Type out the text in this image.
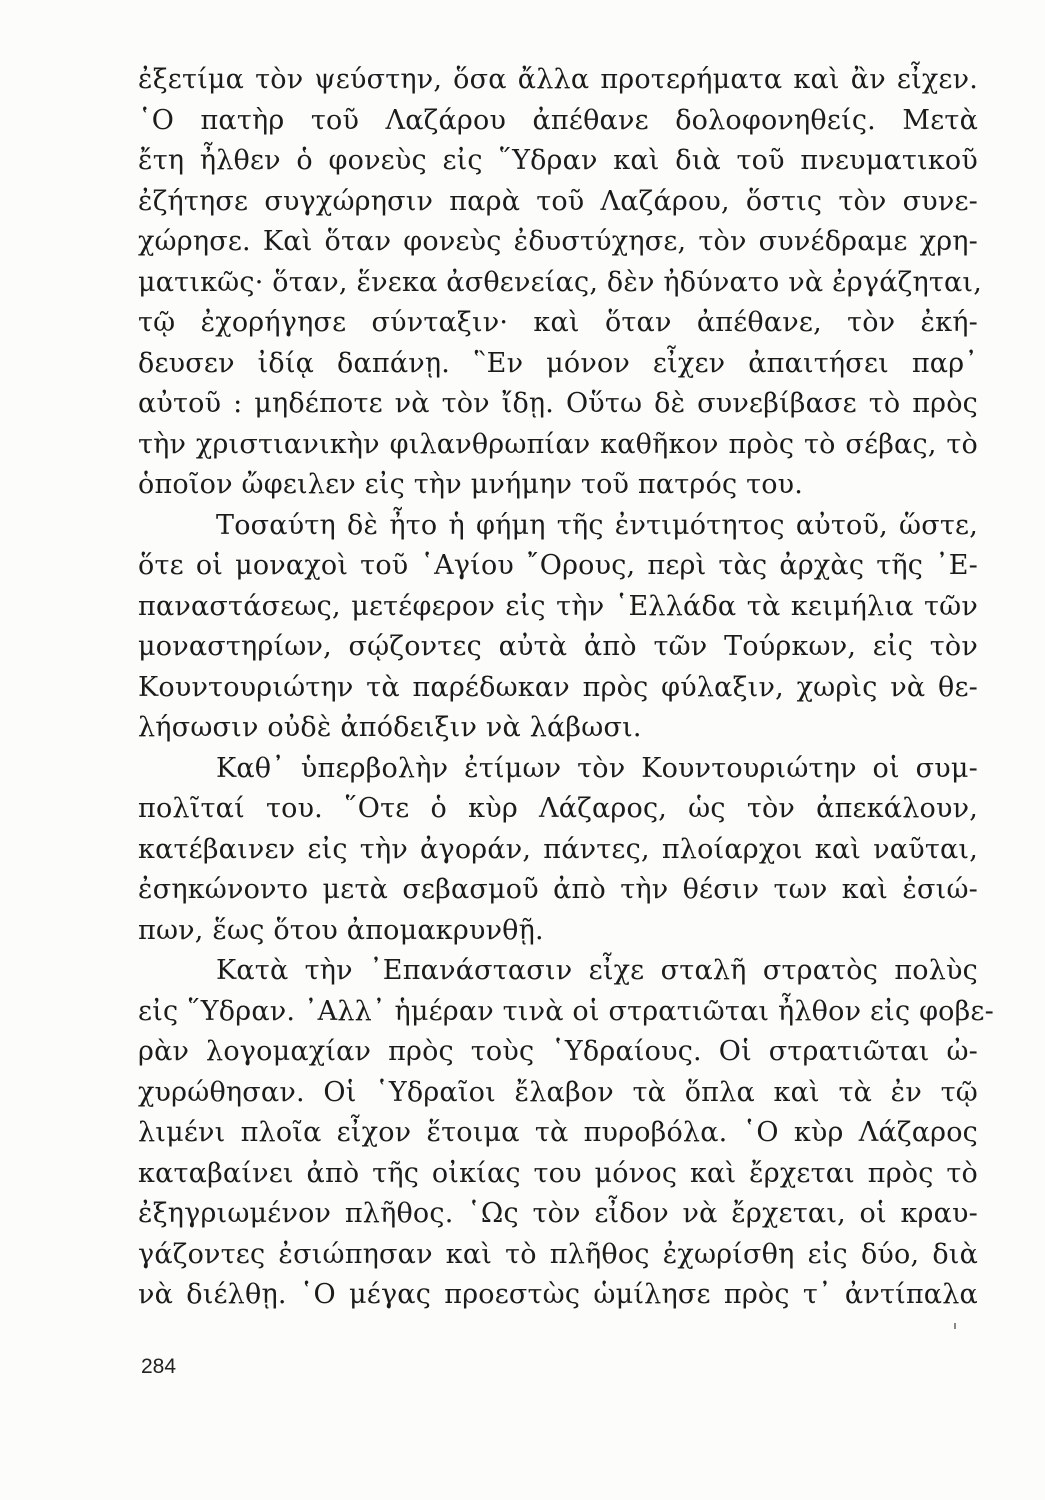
ἐξετίμα τὸν ψεύστην, ὅσα ἄλλα προτερήματα καὶ ἂν εἶχεν.
῾Ο πατὴρ τοῦ Λαζάρου ἀπέθανε δολοφονηθείς. Μετὰ
ἔτη ἦλθεν ὁ φονεὺς εἰς ῞Υδραν καὶ διὰ τοῦ πνευματικοῦ
ἐζήτησε συγχώρησιν παρὰ τοῦ Λαζάρου, ὅστις τὸν συνε-
χώρησε. Καὶ ὅταν φονεὺς ἐδυστύχησε, τὸν συνέδραμε χρη-
ματικῶς· ὅταν, ἕνεκα ἀσθενείας, δὲν ἠδύνατο νὰ ἐργάζηται,
τῷ ἐχορήγησε σύνταξιν· καὶ ὅταν ἀπέθανε, τὸν ἐκή-
δευσεν ἰδίᾳ δαπάνῃ. ῝Εν μόνον εἶχεν ἀπαιτήσει παρ᾽
αὐτοῦ : μηδέποτε νὰ τὸν ἴδῃ. Οὕτω δὲ συνεβίβασε τὸ πρὸς
τὴν χριστιανικὴν φιλανθρωπίαν καθῆκον πρὸς τὸ σέβας, τὸ
ὁποῖον ὤφειλεν εἰς τὴν μνήμην τοῦ πατρός του.
Τοσαύτη δὲ ἦτο ἡ φήμη τῆς ἐντιμότητος αὐτοῦ, ὥστε,
ὅτε οἱ μοναχοὶ τοῦ ῾Αγίου ῎Ορους, περὶ τὰς ἀρχὰς τῆς ᾿Ε-
παναστάσεως, μετέφερον εἰς τὴν ῾Ελλάδα τὰ κειμήλια τῶν
μοναστηρίων, σῴζοντες αὐτὰ ἀπὸ τῶν Τούρκων, εἰς τὸν
Κουντουριώτην τὰ παρέδωκαν πρὸς φύλαξιν, χωρὶς νὰ θε-
λήσωσιν οὐδὲ ἀπόδειξιν νὰ λάβωσι.
Καθ᾽ ὑπερβολὴν ἐτίμων τὸν Κουντουριώτην οἱ συμ-
πολῖταί του. ῞Οτε ὁ κὺρ Λάζαρος, ὡς τὸν ἀπεκάλουν,
κατέβαινεν εἰς τὴν ἀγοράν, πάντες, πλοίαρχοι καὶ ναῦται,
ἐσηκώνοντο μετὰ σεβασμοῦ ἀπὸ τὴν θέσιν των καὶ ἐσιώ-
πων, ἕως ὅτου ἀπομακρυνθῇ.
Κατὰ τὴν ᾿Επανάστασιν εἶχε σταλῆ στρατὸς πολὺς
εἰς ῞Υδραν. ᾿Αλλ᾽ ἡμέραν τινὰ οἱ στρατιῶται ἦλθον εἰς φοβε-
ρὰν λογομαχίαν πρὸς τοὺς ῾Υδραίους. Οἱ στρατιῶται ὠ-
χυρώθησαν. Οἱ ῾Υδραῖοι ἔλαβον τὰ ὅπλα καὶ τὰ ἐν τῷ
λιμένι πλοῖα εἶχον ἕτοιμα τὰ πυροβόλα. ῾Ο κὺρ Λάζαρος
καταβαίνει ἀπὸ τῆς οἰκίας του μόνος καὶ ἔρχεται πρὸς τὸ
ἐξηγριωμένον πλῆθος. ῾Ως τὸν εἶδον νὰ ἔρχεται, οἱ κραυ-
γάζοντες ἐσιώπησαν καὶ τὸ πλῆθος ἐχωρίσθη εἰς δύο, διὰ
νὰ διέλθῃ. ῾Ο μέγας προεστὼς ὡμίλησε πρὸς τ᾽ ἀντίπαλα
284
